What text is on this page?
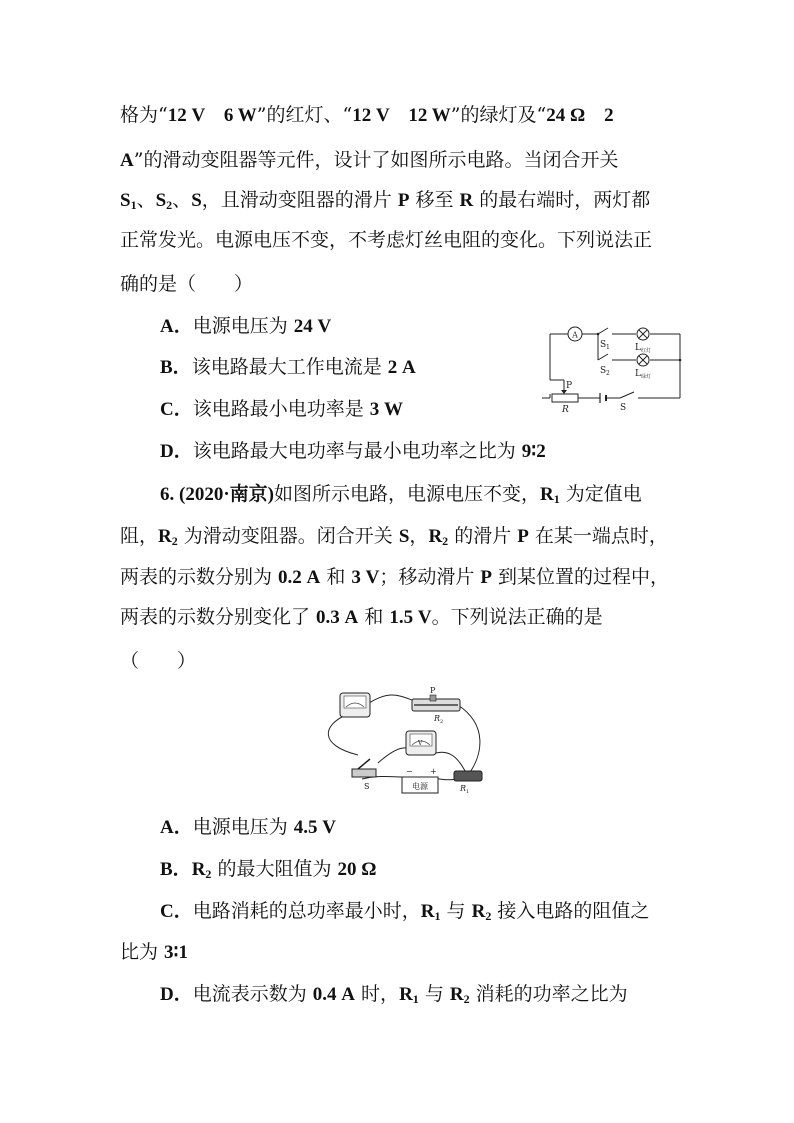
格为“12 V　6 W”的红灯、“12 V　12 W”的绿灯及“24 Ω　2
A”的滑动变阻器等元件，设计了如图所示电路。当闭合开关
$S_1$、$S_2$、S，且滑动变阻器的滑片 P 移至 R 的最右端时，两灯都
正常发光。电源电压不变，不考虑灯丝电阻的变化。下列说法正
确的是（　　）
A．电源电压为 24 V
B．该电路最大工作电流是 2 A
C．该电路最小电功率是 3 W
D．该电路最大电功率与最小电功率之比为 9∶2
A
S 1
S 2
L 红灯
L 绿灯
P
R	S
6. (2020·南京)如图所示电路，电源电压不变，$R_1$ 为定值电
阻，$R_2$ 为滑动变阻器。闭合开关 S，$R_2$ 的滑片 P 在某一端点时，
两表的示数分别为 0.2 A 和 3 V；移动滑片 P 到某位置的过程中，
两表的示数分别变化了 0.3 A 和 1.5 V。下列说法正确的是
（　　）
P
R 2
V
S
− +
电源	R 1
A．电源电压为 4.5 V
B．$R_2$ 的最大阻值为 20 Ω
C．电路消耗的总功率最小时，$R_1$ 与 $R_2$ 接入电路的阻值之
比为 3∶1
D．电流表示数为 0.4 A 时，$R_1$ 与 $R_2$ 消耗的功率之比为
